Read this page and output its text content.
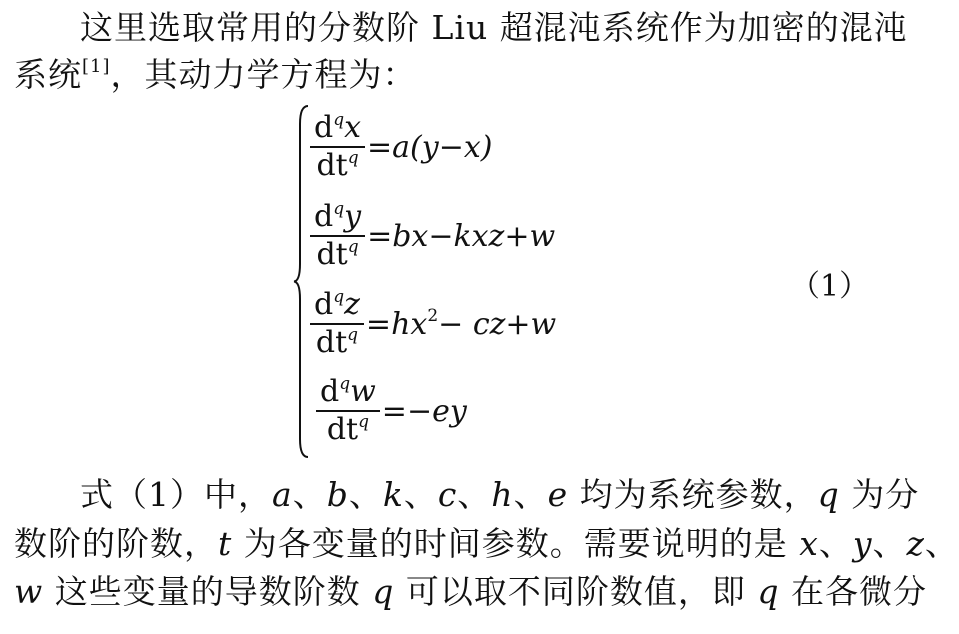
这里选取常用的分数阶 Liu 超混沌系统作为加密的混沌
系统[1]，其动力学方程为：
$\frac{d^qx}{dt^q} =a(y-x)$
$\frac{d^qy}{dt^q} =bx-kxz+w$
$\frac{d^qz}{dt^q} =hx^2- cz+w$
$\frac{d^qw}{dt^q} =-ey$
（1）
式（1）中，a、b、k、c、h、e 均为系统参数，q 为分
数阶的阶数，t 为各变量的时间参数。需要说明的是 x、y、z、
w 这些变量的导数阶数 q 可以取不同阶数值，即 q 在各微分
